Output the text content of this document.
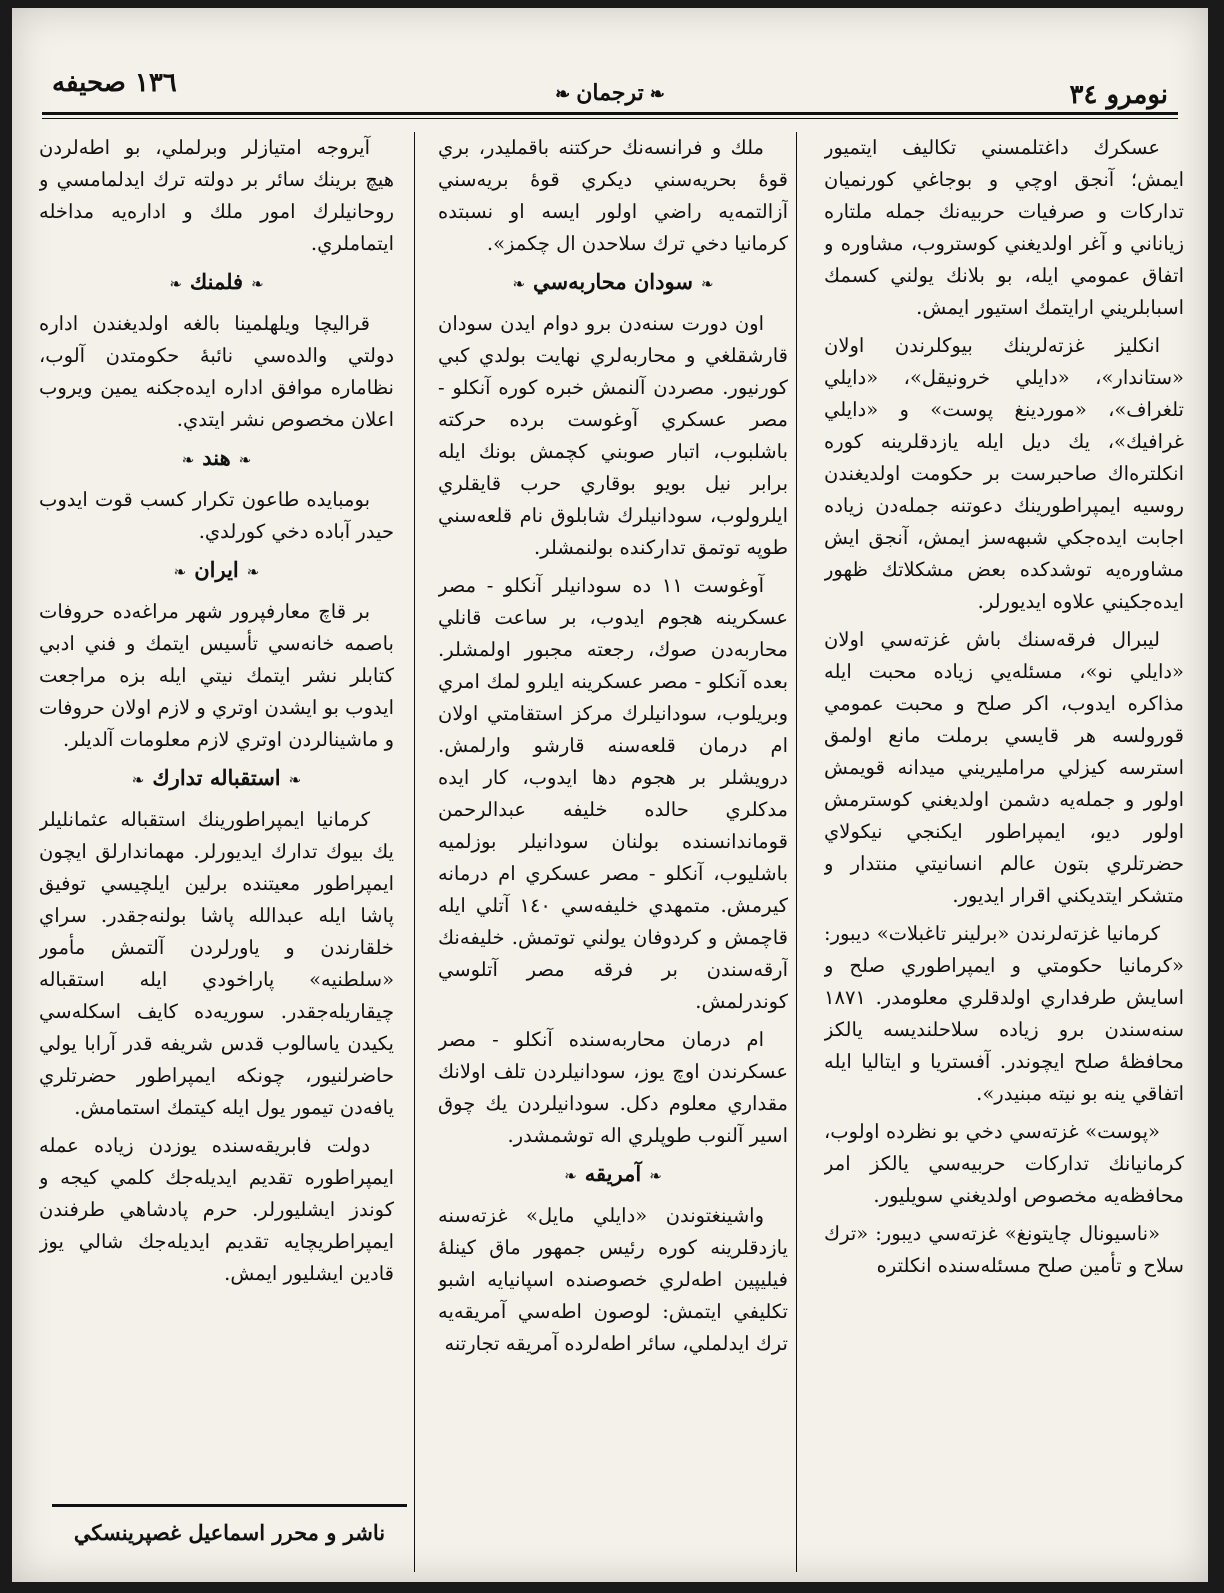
نومرو ٣٤
❧ترجمان❧
١٣٦ صحيفه

عسكرك داغتلمسني تكاليف ايتميور ايمش؛ آنجق اوچي و بوجاغي كورنميان تداركات و صرفيات حربيه‌نك جمله ملتاره زياناني و آغر اولديغني كوستروب، مشاوره و اتفاق عمومي ايله، بو بلانك يولني كسمك اسبابلريني ارايتمك استيور ايمش.

انكليز غزته‌لرينك بيوكلرندن اولان «ستاندار»، «دايلي خرونيقل»، «دايلي تلغراف»، «موردينغ پوست» و «دايلي غرافيك»، يك ديل ايله يازدقلرينه كوره انكلتره‌اك صاحبرست بر حكومت اولديغندن روسيه ايمپراطورينك دعوتنه جمله‌دن زياده اجابت ايده‌جكي شبهه‌سز ايمش، آنجق ايش مشاوره‌يه توشدكده بعض مشكلاتك ظهور ايده‌جكيني علاوه ايديورلر.

ليبرال فرقه‌سنك باش غزته‌سي اولان «دايلي نو»، مسئله‌يي زياده محبت ايله مذاكره ايدوب، اكر صلح و محبت عمومي قورولسه هر قايسي برملت مانع اولمق استرسه كيزلي مرامليريني ميدانه قويمش اولور و جمله‌يه دشمن اولديغني كوسترمش اولور ديو، ايمپراطور ايكنجي نيكولاي حضرتلري بتون عالم انسانيتي منتدار و متشكر ايتديكني اقرار ايديور.

كرمانيا غزته‌لرندن «برلينر تاغبلات» ديبور: «كرمانيا حكومتي و ايمپراطوري صلح و اسايش طرفداري اولدقلري معلومدر. ١٨٧١ سنه‌سندن برو زياده سلاحلنديسه يالكز محافظهٔ صلح ايچوندر. آفستريا و ايتاليا ايله اتفاقي ينه بو نيته مبنيدر».

«پوست» غزته‌سي دخي بو نظرده اولوب، كرمانيانك تداركات حربيه‌سي يالكز امر محافظه‌يه مخصوص اولديغني سويليور.

«ناسيونال چايتونغ» غزته‌سي ديبور: «ترك سلاح و تأمين صلح مسئله‌سنده انكلتره

ملك و فرانسه‌نك حركتنه باقمليدر، بري قوهٔ بحريه‌سني ديكري قوهٔ بريه‌سني آزالتمه‌يه راضي اولور ايسه او نسبتده كرمانيا دخي ترك سلاحدن ال چكمز».

❧سودان محاربه‌سي❧

اون دورت سنه‌دن برو دوام ايدن سودان قارشقلغي و محاربه‌لري نهايت بولدي كبي كورنيور. مصردن آلنمش خبره كوره آنكلو - مصر عسكري آوغوست برده حركته باشلبوب، اتبار صوبني كچمش بونك ايله برابر نيل بويو بوقاري حرب قايقلري ايلرولوب، سودانيلرك شابلوق نام قلعه‌سني طوپه توتمق تداركنده بولنمشلر.

آوغوست ١١ ده سودانيلر آنكلو - مصر عسكرينه هجوم ايدوب، بر ساعت قانلي محاربه‌دن صوك، رجعته مجبور اولمشلر. بعده آنكلو - مصر عسكرينه ايلرو لمك امري وبريلوب، سودانيلرك مركز استقامتي اولان ام درمان قلعه‌سنه قارشو وارلمش. درويشلر بر هجوم دها ايدوب، كار ايده مدكلري حالده خليفه عبدالرحمن قوماندانسنده بولنان سودانيلر بوزلميه باشليوب، آنكلو - مصر عسكري ام درمانه كيرمش. متمهدي خليفه‌سي ١٤٠ آتلي ايله قاچمش و كردوفان يولني توتمش. خليفه‌نك آرقه‌سندن بر فرقه مصر آتلوسي كوندرلمش.

ام درمان محاربه‌سنده آنكلو - مصر عسكرندن اوچ يوز، سودانيلردن تلف اولانك مقداري معلوم دكل. سودانيلردن يك چوق اسير آلنوب طوپلري اله توشمشدر.

❧آمريقه❧

واشينغتوندن «دايلي مايل» غزته‌سنه يازدقلرينه كوره رئيس جمهور ماق كينلهٔ فيليپين اطه‌لري خصوصنده اسپانيايه اشبو تكليفي ايتمش: لوصون اطه‌سي آمريقه‌يه ترك ايدلملي، سائر اطه‌لرده آمريقه تجارتنه

آيروجه امتيازلر وبرلملي، بو اطه‌لردن هيچ برينك سائر بر دولته ترك ايدلمامسي و روحانيلرك امور ملك و اداره‌يه مداخله ايتماملري.

❧فلمنك❧

قراليچا ويلهلمينا بالغه اولديغندن اداره دولتي والده‌سي نائبهٔ حكومتدن آلوب، نظاماره موافق اداره ايده‌جكنه يمين ويروب اعلان مخصوص نشر ايتدي.

❧هند❧

بومبايده طاعون تكرار كسب قوت ايدوب حيدر آباده دخي كورلدي.

❧ايران❧

بر قاچ معارفپرور شهر مراغه‌ده حروفات باصمه خانه‌سي تأسيس ايتمك و فني ادبي كتابلر نشر ايتمك نيتي ايله بزه مراجعت ايدوب بو ايشدن اوتري و لازم اولان حروفات و ماشينالردن اوتري لازم معلومات آلديلر.

❧استقباله تدارك❧

كرمانيا ايمپراطورينك استقباله عثمانليلر يك بيوك تدارك ايديورلر. مهماندارلق ايچون ايمپراطور معيتنده برلين ايلچيسي توفيق پاشا ايله عبدالله پاشا بولنه‌جقدر. سراي خلقارندن و ياورلردن آلتمش مأمور «سلطنيه» پاراخودي ايله استقباله چيقاريله‌جقدر. سوريه‌ده كايف اسكله‌سي يكيدن ياسالوب قدس شريفه قدر آرابا يولي حاضرلنيور، چونكه ايمپراطور حضرتلري يافه‌دن تيمور يول ايله كيتمك استمامش.

دولت فابريقه‌سنده يوزدن زياده عمله ايمپراطوره تقديم ايديله‌جك كلمي كيجه و كوندز ايشليورلر. حرم پادشاهي طرفندن ايمپراطريچايه تقديم ايديله‌جك شالي يوز قادين ايشليور ايمش.

ناشر و محرر اسماعيل غصپرينسكي
